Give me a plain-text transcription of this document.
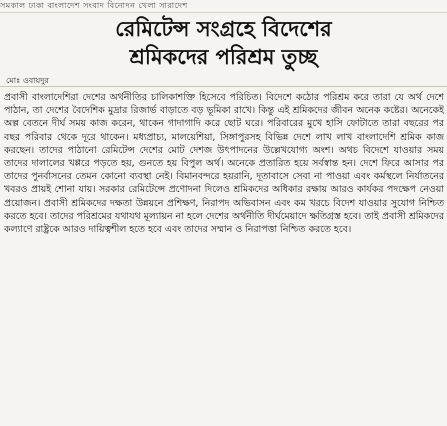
সমকাল ঢাকা বাংলাদেশ সংবাদ বিনোদন খেলা সারাদেশ
রেমিটেন্স সংগ্রহে বিদেশের
শ্রমিকদের পরিশ্রম তুচ্ছ
মোঃ ওবায়দুর

প্রবাসী বাংলাদেশিরা দেশের অর্থনীতির চালিকাশক্তি হিসেবে পরিচিত। বিদেশে কঠোর পরিশ্রম করে তারা যে অর্থ দেশে পাঠান, তা দেশের বৈদেশিক মুদ্রার রিজার্ভ বাড়াতে বড় ভূমিকা রাখে। কিন্তু এই শ্রমিকদের জীবন অনেক কষ্টের। অনেকেই অল্প বেতনে দীর্ঘ সময় কাজ করেন, থাকেন গাদাগাদি করে ছোট ঘরে। পরিবারের মুখে হাসি ফোটাতে তারা বছরের পর বছর পরিবার থেকে দূরে থাকেন। মধ্যপ্রাচ্য, মালয়েশিয়া, সিঙ্গাপুরসহ বিভিন্ন দেশে লাখ লাখ বাংলাদেশি শ্রমিক কাজ করছেন। তাদের পাঠানো রেমিটেন্স দেশের মোট দেশজ উৎপাদনের উল্লেখযোগ্য অংশ। অথচ বিদেশে যাওয়ার সময় তাদের দালালের খপ্পরে পড়তে হয়, গুনতে হয় বিপুল অর্থ। অনেকে প্রতারিত হয়ে সর্বস্বান্ত হন। দেশে ফিরে আসার পর তাদের পুনর্বাসনের তেমন কোনো ব্যবস্থা নেই। বিমানবন্দরে হয়রানি, দূতাবাসে সেবা না পাওয়া এবং কর্মস্থলে নির্যাতনের খবরও প্রায়ই শোনা যায়। সরকার রেমিটেন্সে প্রণোদনা দিলেও শ্রমিকদের অধিকার রক্ষায় আরও কার্যকর পদক্ষেপ নেওয়া প্রয়োজন। প্রবাসী শ্রমিকদের দক্ষতা উন্নয়নে প্রশিক্ষণ, নিরাপদ অভিবাসন এবং কম খরচে বিদেশ যাওয়ার সুযোগ নিশ্চিত করতে হবে। তাদের পরিশ্রমের যথাযথ মূল্যায়ন না হলে দেশের অর্থনীতি দীর্ঘমেয়াদে ক্ষতিগ্রস্ত হবে। তাই প্রবাসী শ্রমিকদের কল্যাণে রাষ্ট্রকে আরও দায়িত্বশীল হতে হবে এবং তাদের সম্মান ও নিরাপত্তা নিশ্চিত করতে হবে।
